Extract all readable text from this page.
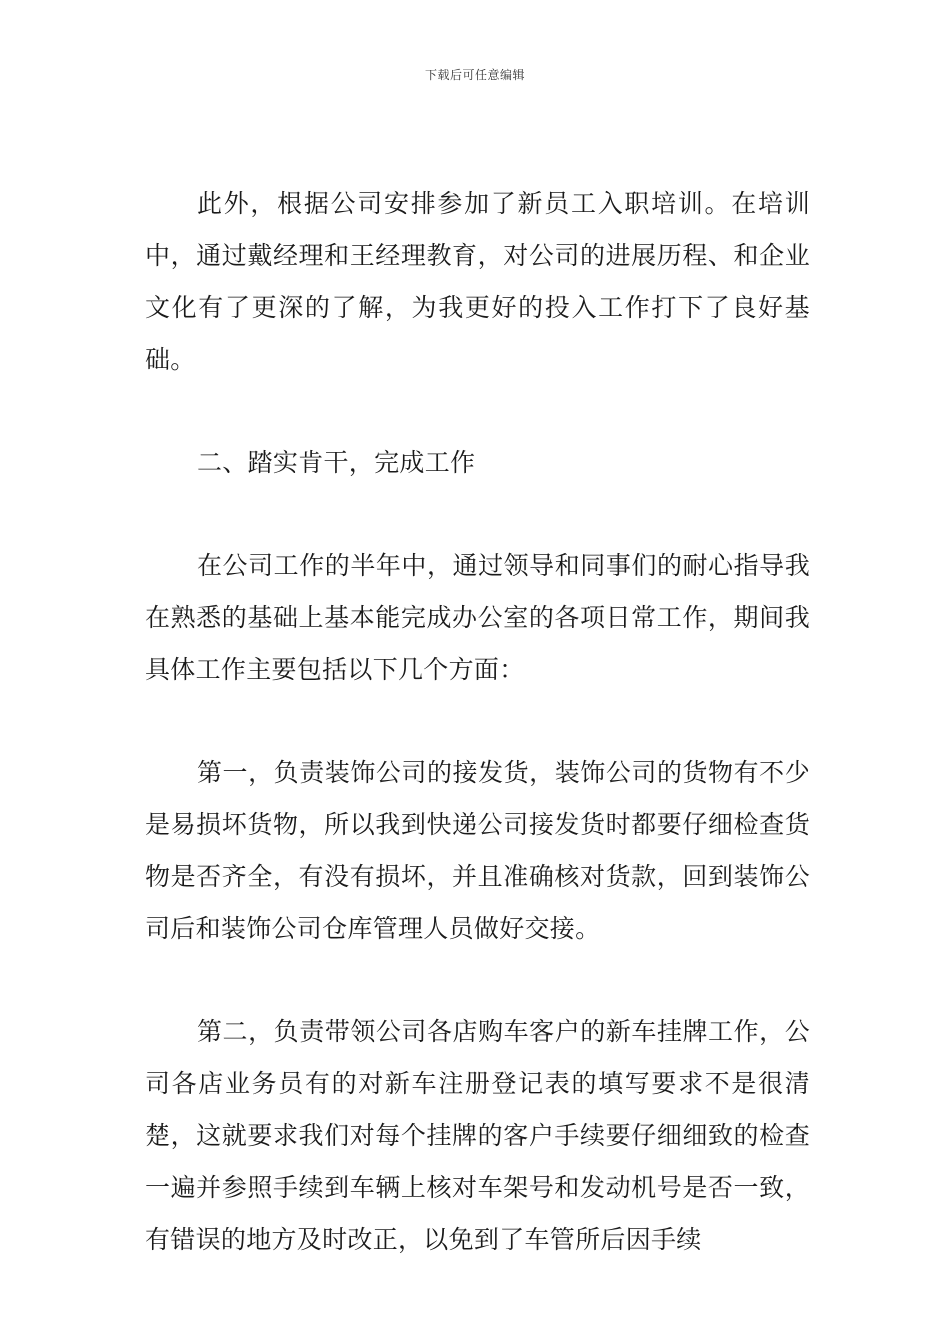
下载后可任意编辑

此外，根据公司安排参加了新员工入职培训。在培训中，通过戴经理和王经理教育，对公司的进展历程、和企业文化有了更深的了解，为我更好的投入工作打下了良好基础。

二、踏实肯干，完成工作

在公司工作的半年中，通过领导和同事们的耐心指导我在熟悉的基础上基本能完成办公室的各项日常工作，期间我具体工作主要包括以下几个方面：

第一，负责装饰公司的接发货，装饰公司的货物有不少是易损坏货物，所以我到快递公司接发货时都要仔细检查货物是否齐全，有没有损坏，并且准确核对货款，回到装饰公司后和装饰公司仓库管理人员做好交接。

第二，负责带领公司各店购车客户的新车挂牌工作，公司各店业务员有的对新车注册登记表的填写要求不是很清楚，这就要求我们对每个挂牌的客户手续要仔细细致的检查一遍并参照手续到车辆上核对车架号和发动机号是否一致，有错误的地方及时改正，以免到了车管所后因手续
